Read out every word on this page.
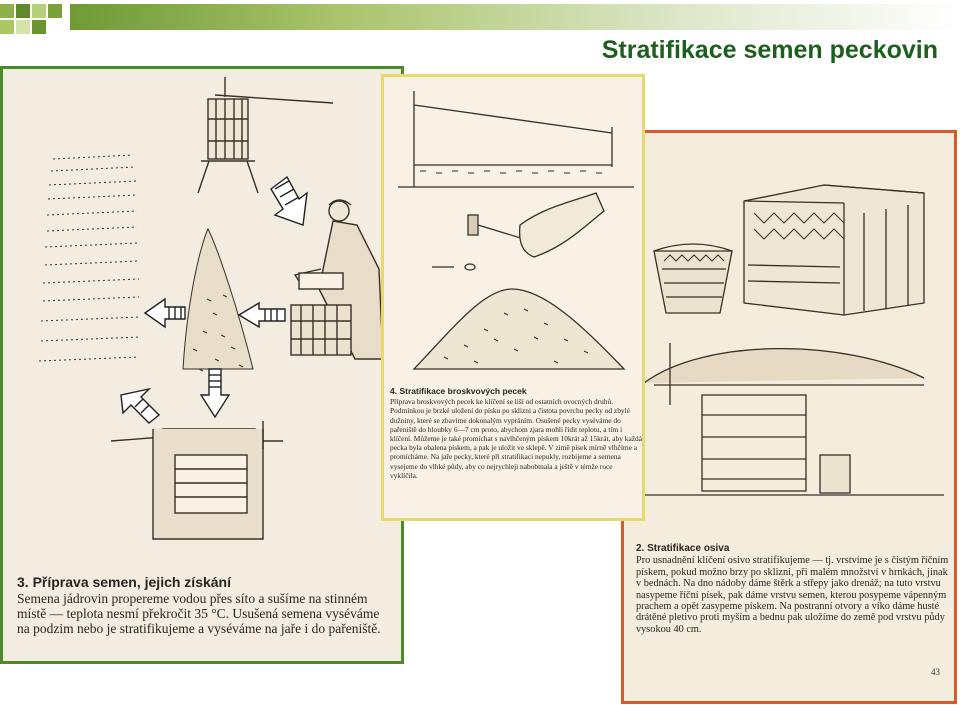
Stratifikace semen peckovin

3. Příprava semen, jejich získání

Semena jádrovin propereme vodou přes síto a sušíme na stinném místě — teplota nesmí překročit 35 °C. Usušená semena vyséváme na podzim nebo je stratifikujeme a vyséváme na jaře i do pařeniště.

2. Stratifikace osiva

Pro usnadnění klíčení osivo stratifikujeme — tj. vrstvíme je s čistým říčním pískem, pokud možno brzy po sklizni, při malém množství v hrnkách, jinak v bednách. Na dno nádoby dáme štěrk a střepy jako drenáž; na tuto vrstvu nasypeme říční písek, pak dáme vrstvu semen, kterou posypeme vápenným prachem a opět zasypeme pískem. Na postranní otvory a víko dáme husté drátěné pletivo proti myším a bednu pak uložíme do země pod vrstvu půdy vysokou 40 cm.

43

4. Stratifikace broskvových pecek

Příprava broskvových pecek ke klíčení se liší od ostatních ovocných druhů. Podmínkou je brzké uložení do písku po sklizni a čistota povrchu pecky od zbylé dužniny, které se zbavíme dokonalým vypráním. Osušené pecky vyséváme do pařeniště do hloubky 6—7 cm proto, abychom zjara mohli řídit teplotu, a tím i klíčení. Můžeme je také promíchat s navlhčeným pískem 10krát až 15krát, aby každá pecka byla obalena pískem, a pak je uložit ve sklepě. V zimě písek mírně vlhčíme a promícháme. Na jaře pecky, které při stratifikaci nepukly, rozbijeme a semena vysejeme do vlhké půdy, aby co nejrychleji nabobtnala a ještě v témže roce vyklíčila.
